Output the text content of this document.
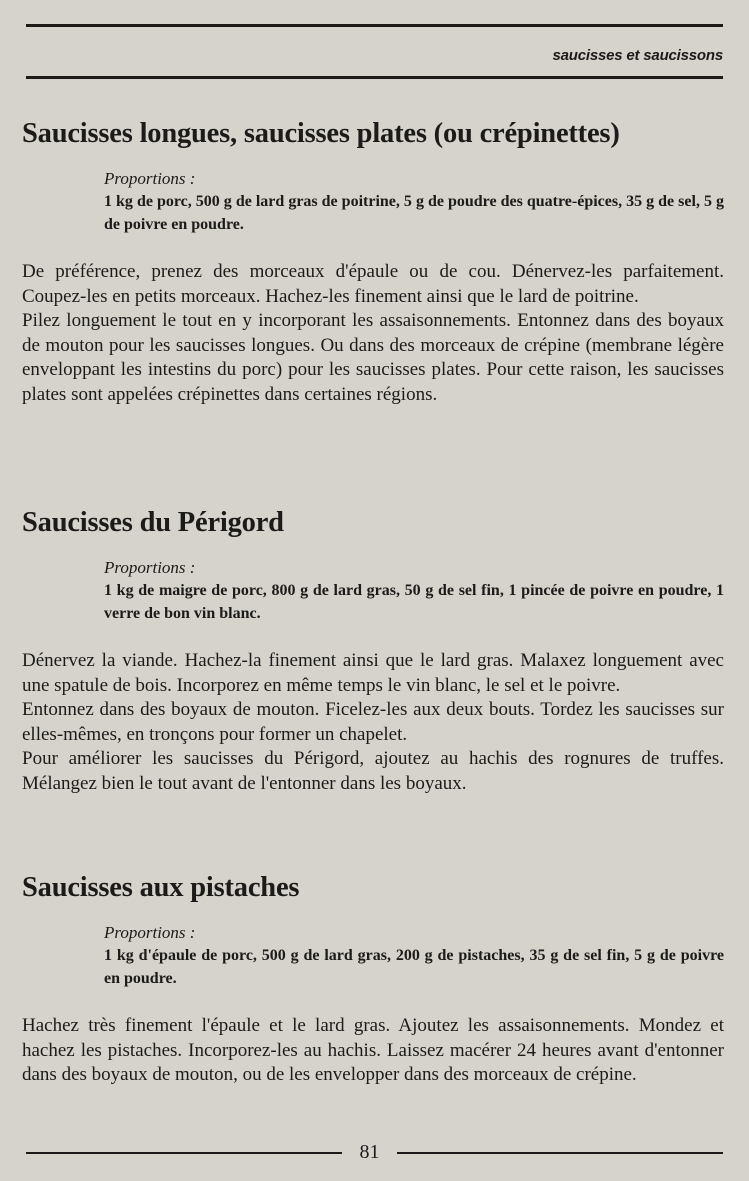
saucisses et saucissons
Saucisses longues, saucisses plates (ou crépinettes)
Proportions :
1 kg de porc, 500 g de lard gras de poitrine, 5 g de poudre des quatre-épices, 35 g de sel, 5 g de poivre en poudre.

De préférence, prenez des morceaux d'épaule ou de cou. Dénervez-les parfaitement. Coupez-les en petits morceaux. Hachez-les finement ainsi que le lard de poitrine.

Pilez longuement le tout en y incorporant les assaisonnements. Entonnez dans des boyaux de mouton pour les saucisses longues. Ou dans des morceaux de crépine (membrane légère enveloppant les intestins du porc) pour les saucisses plates. Pour cette raison, les saucisses plates sont appelées crépinettes dans certaines régions.

Saucisses du Périgord
Proportions :
1 kg de maigre de porc, 800 g de lard gras, 50 g de sel fin, 1 pincée de poivre en poudre, 1 verre de bon vin blanc.

Dénervez la viande. Hachez-la finement ainsi que le lard gras. Malaxez longuement avec une spatule de bois. Incorporez en même temps le vin blanc, le sel et le poivre.

Entonnez dans des boyaux de mouton. Ficelez-les aux deux bouts. Tordez les saucisses sur elles-mêmes, en tronçons pour former un chapelet.

Pour améliorer les saucisses du Périgord, ajoutez au hachis des rognures de truffes. Mélangez bien le tout avant de l'entonner dans les boyaux.

Saucisses aux pistaches
Proportions :
1 kg d'épaule de porc, 500 g de lard gras, 200 g de pistaches, 35 g de sel fin, 5 g de poivre en poudre.

Hachez très finement l'épaule et le lard gras. Ajoutez les assaisonnements. Mondez et hachez les pistaches. Incorporez-les au hachis. Laissez macérer 24 heures avant d'entonner dans des boyaux de mouton, ou de les envelopper dans des morceaux de crépine.

81
